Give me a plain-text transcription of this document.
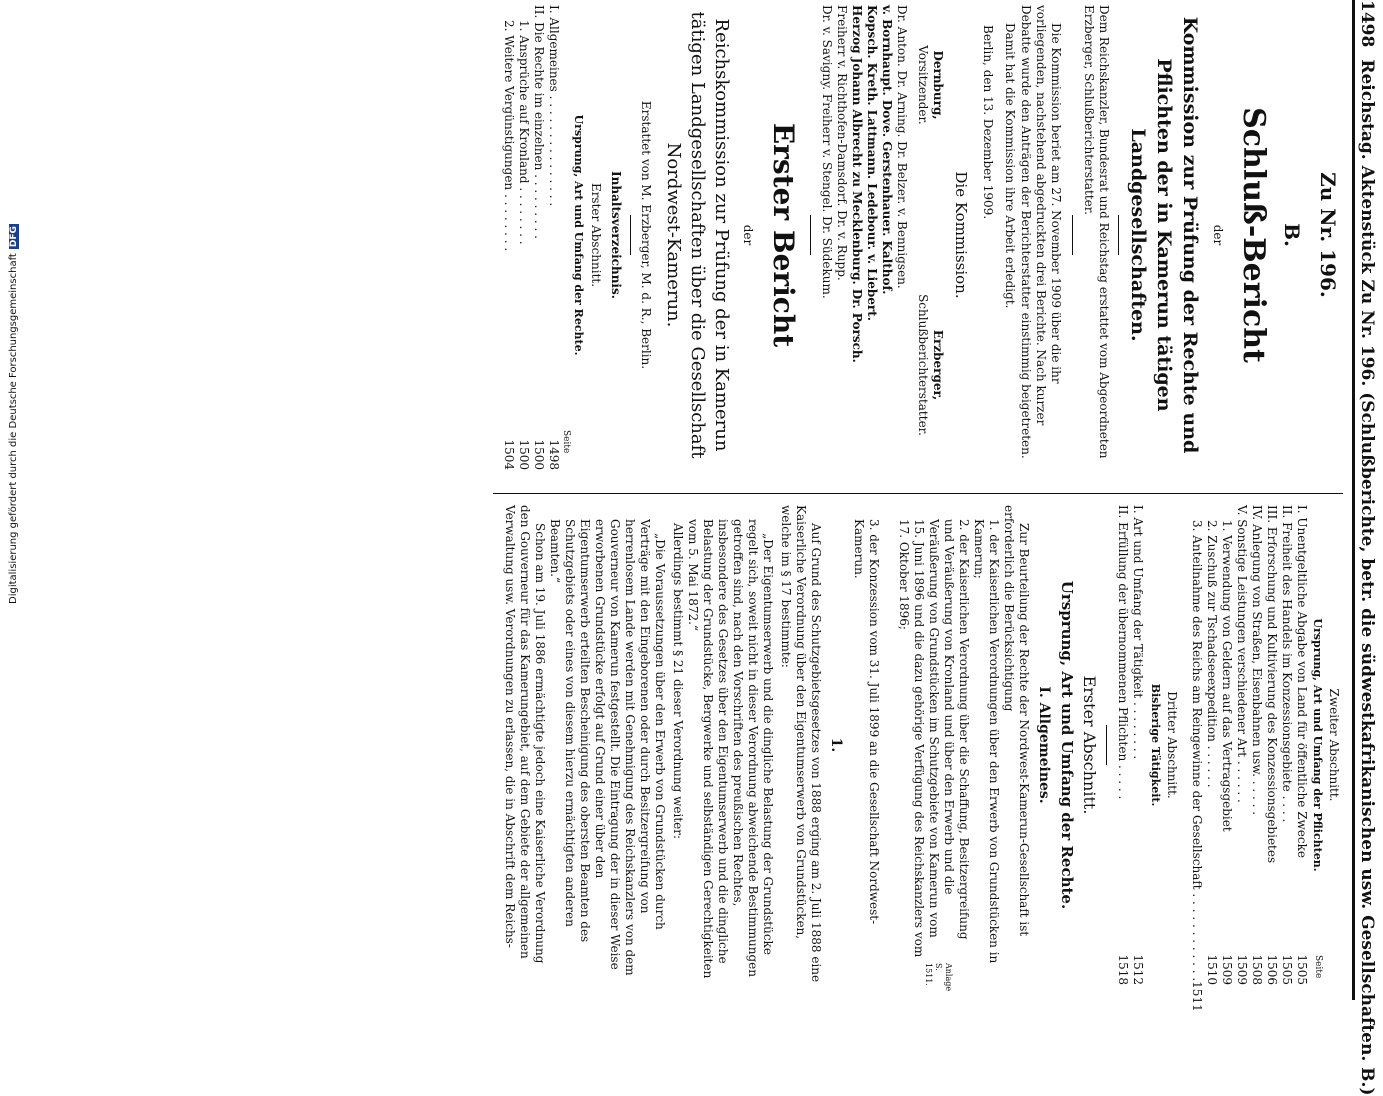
1498
Reichstag. Aktenstück Zu Nr. 196. (Schlußberichte, betr. die südwestkafrikanischen usw. Gesellschaften. B.)
Zu Nr. 196.
B.
Schluß-Bericht
der
Kommission zur Prüfung der Rechte und Pflichten der in Kamerun tätigen Landgesellschaften.
Dem Reichskanzler, Bundesrat und Reichstag erstattet vom Abgeordneten Erzberger, Schlußberichterstatter.
Die Kommission beriet am 27. November 1909 über die ihr vorliegenden, nachstehend abgedruckten drei Berichte. Nach kurzer Debatte wurde den Anträgen der Berichterstatter einstimmig beigetreten.
Damit hat die Kommission ihre Arbeit erledigt.
Berlin, den 13. Dezember 1909.
Die Kommission.
Dernburg,
Vorsitzender.
Erzberger,
Schlußberichterstatter.
Dr. Anton. Dr. Arning. Dr. Belzer. v. Bennigsen.
v. Bornhaupt. Dove. Gerstenhauer. Kalthof.
Kopsch. Kreth. Lattmann. Ledebour. v. Liebert.
Herzog Johann Albrecht zu Mecklenburg. Dr. Porsch.
Freiherr v. Richthofen-Damsdorf. Dr. v. Rupp.
Dr. v. Savigny. Freiherr v. Stengel. Dr. Südekum.
Erster Bericht
der
Reichskommission zur Prüfung der in Kamerun tätigen Landgesellschaften über die Gesellschaft Nordwest-Kamerun.
Erstattet von M. Erzberger, M. d. R., Berlin.
Inhaltsverzeichnis.
Erster Abschnitt.
Ursprung, Art und Umfang der Rechte.
Seite
I. Allgemeines . . . . . . . . . . . . . . .
1498
II. Die Rechte im einzelnen . . . . . . . . .
1500
1. Ansprüche auf Kronland . . . . . . . .
1500
2. Weitere Vergünstigungen . . . . . . . .
1504
Zweiter Abschnitt.
Ursprung, Art und Umfang der Pflichten.
Seite
I. Unentgeltliche Abgabe von Land für öffentliche Zwecke
1505
II. Freiheit des Handels im Konzessionsgebiete . . . .
1505
III. Erforschung und Kultivierung des Konzessionsgebietes
1506
IV. Anlegung von Straßen, Eisenbahnen usw. . . . . .
1508
V. Sonstige Leistungen verschiedener Art . . . . . .
1509
1. Verwendung von Geldern auf das Vertragsgebiet
1509
2. Zuschuß zur Tschadseeexpedition . . . . . .
1510
3. Anteilnahme des Reichs am Reingewinne der Gesellschaft . . . . . . . . . . . .
1511
Dritter Abschnitt.
Bisherige Tätigkeit.
I. Art und Umfang der Tätigkeit . . . . . . . .
1512
II. Erfüllung der übernommenen Pflichten . . . . .
1518
Erster Abschnitt.
Ursprung, Art und Umfang der Rechte.
I. Allgemeines.
Zur Beurteilung der Rechte der Nordwest-Kamerun-Gesellschaft ist erforderlich die Berücksichtigung
1. der Kaiserlichen Verordnungen über den Erwerb von Grundstücken in Kamerun;
2. der Kaiserlichen Verordnung über die Schaffung, Besitzergreifung und Veräußerung von Kronland und über den Erwerb und die Veräußerung von Grundstücken im Schutzgebiete von Kamerun vom 15. Juni 1896 und die dazu gehörige Verfügung des Reichskanzlers vom 17. Oktober 1896;
Anlage S. 1511.
3. der Konzession vom 31. Juli 1899 an die Gesellschaft Nordwest-Kamerun.
1.
Auf Grund des Schutzgebietsgesetzes von 1888 erging am 2. Juli 1888 eine Kaiserliche Verordnung über den Eigentumserwerb von Grundstücken, welche im § 17 bestimmte:
„Der Eigentumserwerb und die dingliche Belastung der Grundstücke regelt sich, soweit nicht in dieser Verordnung abweichende Bestimmungen getroffen sind, nach den Vorschriften des preußischen Rechtes, insbesondere des Gesetzes über den Eigentumserwerb und die dingliche Belastung der Grundstücke, Bergwerke und selbständigen Gerechtigkeiten vom 5. Mai 1872.“
Allerdings bestimmt § 21 dieser Verordnung weiter:
„Die Voraussetzungen über den Erwerb von Grundstücken durch Verträge mit den Eingeborenen oder durch Besitzergreifung von herrenlosem Lande werden mit Genehmigung des Reichskanzlers von dem Gouverneur von Kamerun festgestellt. Die Eintragung der in dieser Weise erworbenen Grundstücke erfolgt auf Grund einer über den Eigentumserwerb erteilten Bescheinigung des obersten Beamten des Schutzgebiets oder eines von diesem hierzu ermächtigten anderen Beamten.“
Schon am 19. Juli 1886 ermächtigte jedoch eine Kaiserliche Verordnung den Gouverneur für das Kamerungebiet, auf dem Gebiete der allgemeinen Verwaltung usw. Verordnungen zu erlassen, die in Abschrift dem Reichs-
Digitalisierung gefördert durch die Deutsche ForschungsgemeinschaftDFG
